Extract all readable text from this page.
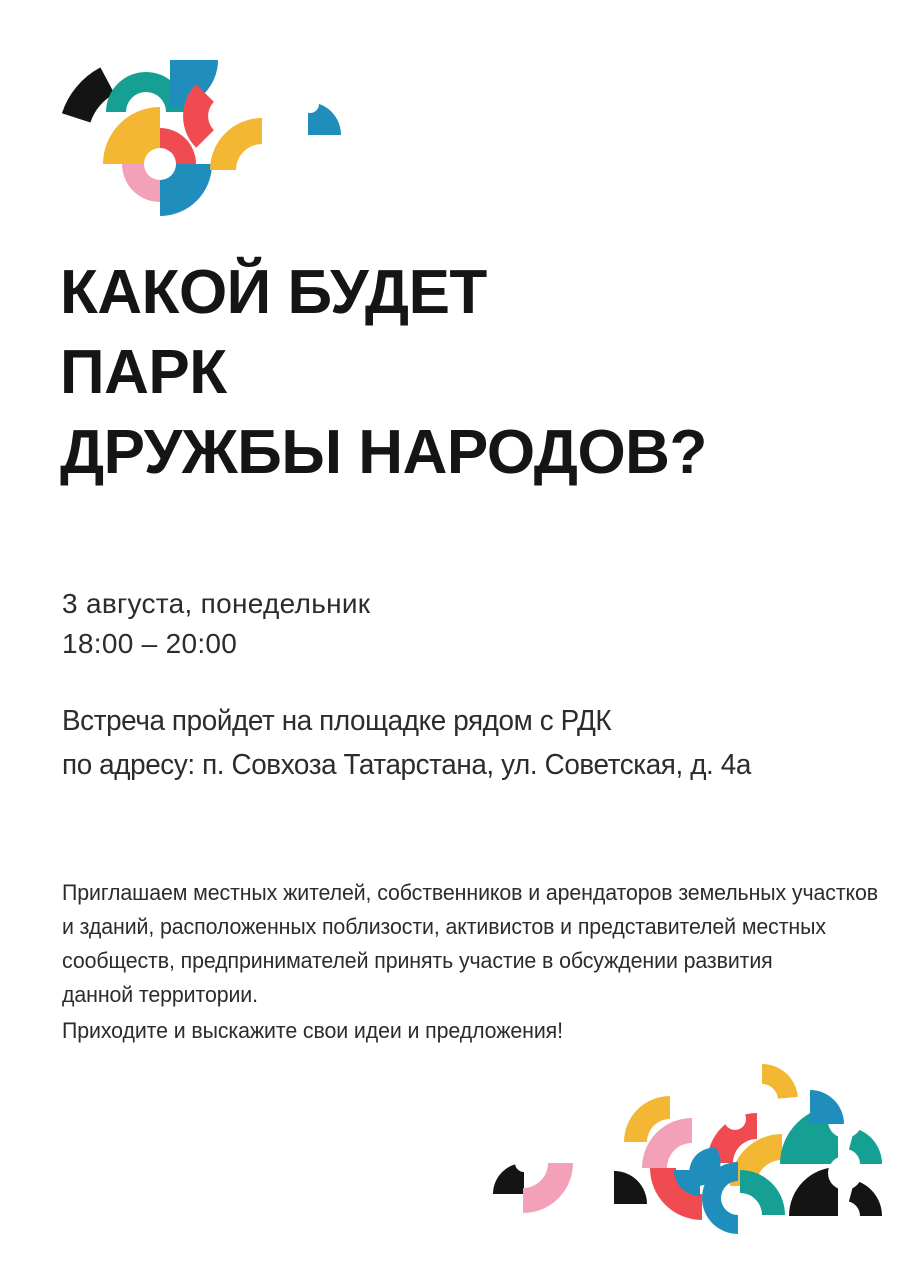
КАКОЙ БУДЕТ
ПАРК
ДРУЖБЫ НАРОДОВ?
3 августа, понедельник
18:00 – 20:00
Встреча пройдет на площадке рядом с РДК
по адресу: п. Совхоза Татарстана, ул. Советская, д. 4а
Приглашаем местных жителей, собственников и арендаторов земельных участков
и зданий, расположенных поблизости, активистов и представителей местных
сообществ, предпринимателей принять участие в обсуждении развития
данной территории.
Приходите и выскажите свои идеи и предложения!
